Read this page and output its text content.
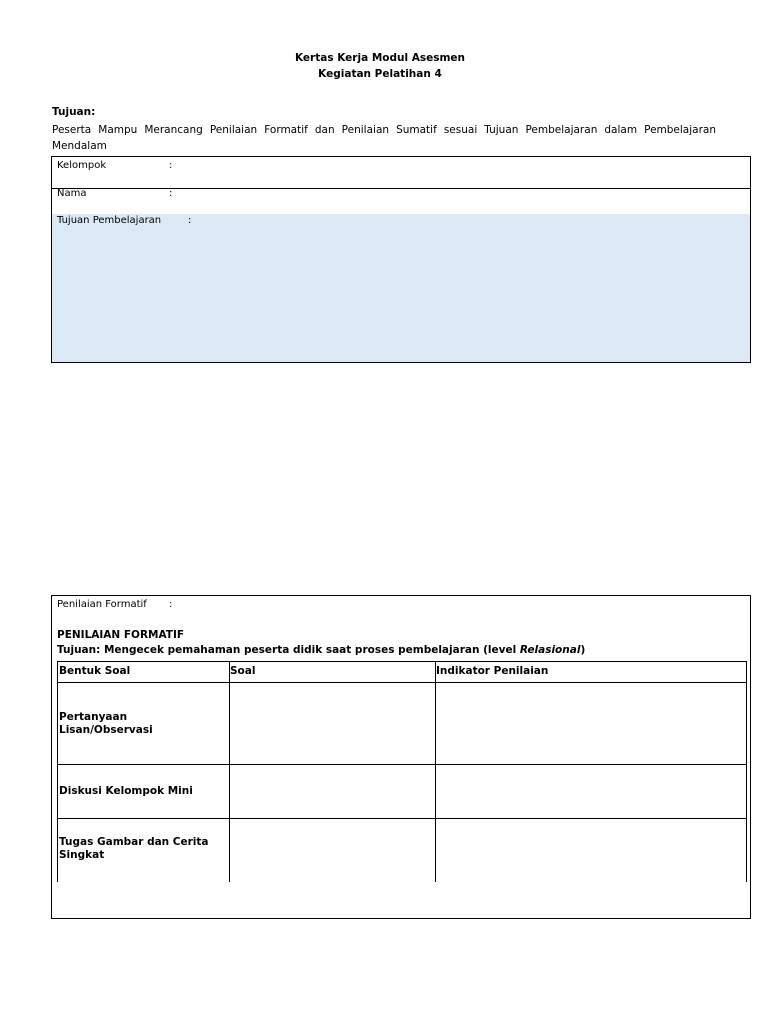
Kertas Kerja Modul Asesmen
Kegiatan Pelatihan 4
Tujuan:
Peserta Mampu Merancang Penilaian Formatif dan Penilaian Sumatif sesuai Tujuan Pembelajaran dalam Pembelajaran Mendalam
Kelompok	:
Nama	:
Tujuan Pembelajaran	:
Penilaian Formatif :
PENILAIAN FORMATIF
Tujuan: Mengecek pemahaman peserta didik saat proses pembelajaran (level Relasional)
Bentuk Soal	Soal	Indikator Penilaian
Pertanyaan Lisan/Observasi
Diskusi Kelompok Mini
Tugas Gambar dan Cerita Singkat
